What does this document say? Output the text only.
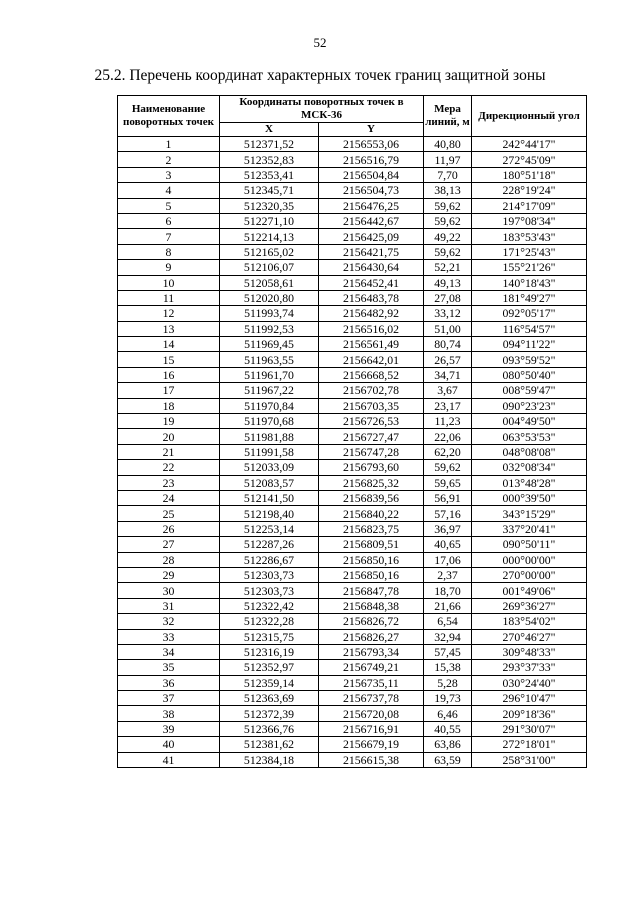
52
25.2. Перечень координат характерных точек границ защитной зоны
Наименование поворотных точек	Координаты поворотных точек в МСК-36		Мера линий, м	Дирекционный угол
	X	Y		

1	512371,52	2156553,06	40,80	242°44'17"
2	512352,83	2156516,79	11,97	272°45'09"
3	512353,41	2156504,84	7,70	180°51'18"
4	512345,71	2156504,73	38,13	228°19'24"
5	512320,35	2156476,25	59,62	214°17'09"
6	512271,10	2156442,67	59,62	197°08'34"
7	512214,13	2156425,09	49,22	183°53'43"
8	512165,02	2156421,75	59,62	171°25'43"
9	512106,07	2156430,64	52,21	155°21'26"
10	512058,61	2156452,41	49,13	140°18'43"
11	512020,80	2156483,78	27,08	181°49'27"
12	511993,74	2156482,92	33,12	092°05'17"
13	511992,53	2156516,02	51,00	116°54'57"
14	511969,45	2156561,49	80,74	094°11'22"
15	511963,55	2156642,01	26,57	093°59'52"
16	511961,70	2156668,52	34,71	080°50'40"
17	511967,22	2156702,78	3,67	008°59'47"
18	511970,84	2156703,35	23,17	090°23'23"
19	511970,68	2156726,53	11,23	004°49'50"
20	511981,88	2156727,47	22,06	063°53'53"
21	511991,58	2156747,28	62,20	048°08'08"
22	512033,09	2156793,60	59,62	032°08'34"
23	512083,57	2156825,32	59,65	013°48'28"
24	512141,50	2156839,56	56,91	000°39'50"
25	512198,40	2156840,22	57,16	343°15'29"
26	512253,14	2156823,75	36,97	337°20'41"
27	512287,26	2156809,51	40,65	090°50'11"
28	512286,67	2156850,16	17,06	000°00'00"
29	512303,73	2156850,16	2,37	270°00'00"
30	512303,73	2156847,78	18,70	001°49'06"
31	512322,42	2156848,38	21,66	269°36'27"
32	512322,28	2156826,72	6,54	183°54'02"
33	512315,75	2156826,27	32,94	270°46'27"
34	512316,19	2156793,34	57,45	309°48'33"
35	512352,97	2156749,21	15,38	293°37'33"
36	512359,14	2156735,11	5,28	030°24'40"
37	512363,69	2156737,78	19,73	296°10'47"
38	512372,39	2156720,08	6,46	209°18'36"
39	512366,76	2156716,91	40,55	291°30'07"
40	512381,62	2156679,19	63,86	272°18'01"
41	512384,18	2156615,38	63,59	258°31'00"
